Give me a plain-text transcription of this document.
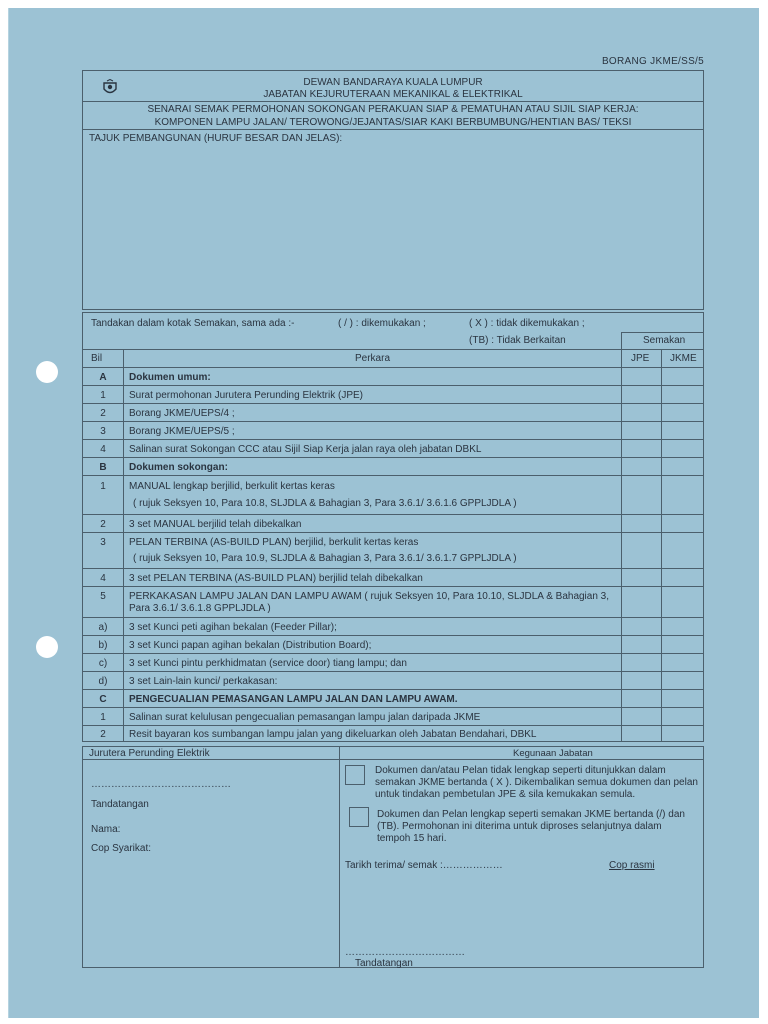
BORANG JKME/SS/5
DEWAN BANDARAYA KUALA LUMPUR
JABATAN KEJURUTERAAN MEKANIKAL & ELEKTRIKAL
SENARAI SEMAK PERMOHONAN SOKONGAN PERAKUAN SIAP & PEMATUHAN ATAU SIJIL SIAP KERJA:
KOMPONEN LAMPU JALAN/ TEROWONG/JEJANTAS/SIAR KAKI BERBUMBUNG/HENTIAN BAS/ TEKSI
TAJUK PEMBANGUNAN (HURUF BESAR DAN JELAS):
Tandakan dalam kotak Semakan, sama ada :-	( / ) : dikemukakan ;	( X ) : tidak dikemukakan ;
(TB) : Tidak Berkaitan	Semakan
Bil	Perkara	JPE JKME
A	Dokumen umum:
1	Surat permohonan Jurutera Perunding Elektrik (JPE)
2	Borang JKME/UEPS/4 ;
3	Borang JKME/UEPS/5 ;
4	Salinan surat Sokongan CCC atau Sijil Siap Kerja jalan raya oleh jabatan DBKL
B	Dokumen sokongan:
1	MANUAL lengkap berjilid, berkulit kertas keras
( rujuk Seksyen 10, Para 10.8, SLJDLA & Bahagian 3, Para 3.6.1/ 3.6.1.6 GPPLJDLA )
2	3 set MANUAL berjilid telah dibekalkan
3	PELAN TERBINA (AS-BUILD PLAN) berjilid, berkulit kertas keras
( rujuk Seksyen 10, Para 10.9, SLJDLA & Bahagian 3, Para 3.6.1/ 3.6.1.7 GPPLJDLA )
4	3 set PELAN TERBINA (AS-BUILD PLAN) berjilid telah dibekalkan
5	PERKAKASAN LAMPU JALAN DAN LAMPU AWAM ( rujuk Seksyen 10, Para 10.10, SLJDLA & Bahagian 3,
Para 3.6.1/ 3.6.1.8 GPPLJDLA )
a)	3 set Kunci peti agihan bekalan (Feeder Pillar);
b)	3 set Kunci papan agihan bekalan (Distribution Board);
c)	3 set Kunci pintu perkhidmatan (service door) tiang lampu; dan
d)	3 set Lain-lain kunci/ perkakasan:
C	PENGECUALIAN PEMASANGAN LAMPU JALAN DAN LAMPU AWAM.
1	Salinan surat kelulusan pengecualian pemasangan lampu jalan daripada JKME
2	Resit bayaran kos sumbangan lampu jalan yang dikeluarkan oleh Jabatan Bendahari, DBKL
Jurutera Perunding Elektrik	Kegunaan Jabatan
……………………………………
Tandatangan
Nama:
Cop Syarikat:
Dokumen dan/atau Pelan tidak lengkap seperti ditunjukkan dalam semakan JKME bertanda ( X ). Dikembalikan semua dokumen dan pelan untuk tindakan pembetulan JPE & sila kemukakan semula.
Dokumen dan Pelan lengkap seperti semakan JKME bertanda (/) dan (TB). Permohonan ini diterima untuk diproses selanjutnya dalam tempoh 15 hari.
Tarikh terima/ semak :………………	Cop rasmi
………………………………
Tandatangan
